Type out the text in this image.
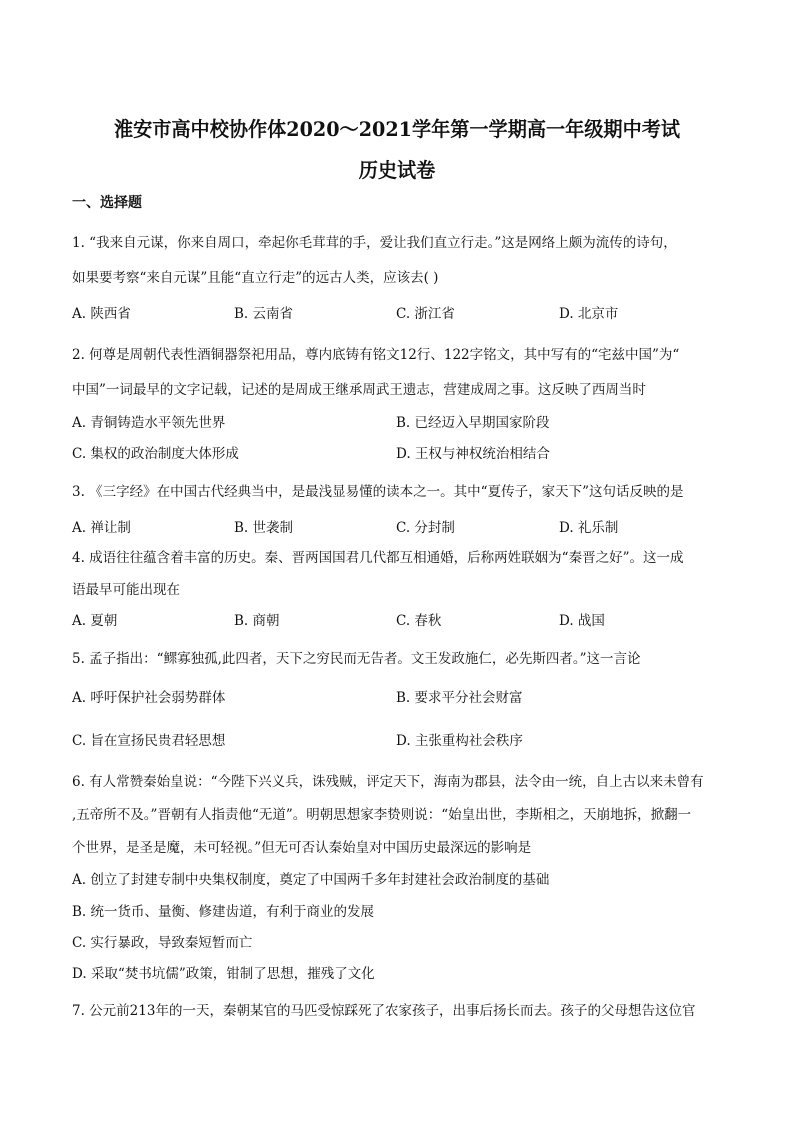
淮安市高中校协作体2020～2021学年第一学期高一年级期中考试
历史试卷
一、选择题
1. “我来自元谋，你来自周口，牵起你毛茸茸的手，爱让我们直立行走。”这是网络上颇为流传的诗句，
如果要考察“来自元谋”且能“直立行走”的远古人类，应该去( )
A. 陕西省	B. 云南省	C. 浙江省	D. 北京市
2. 何尊是周朝代表性酒铜器祭祀用品，尊内底铸有铭文12行、122字铭文，其中写有的“宅兹中国”为“
中国”一词最早的文字记载，记述的是周成王继承周武王遗志，营建成周之事。这反映了西周当时
A. 青铜铸造水平领先世界	B. 已经迈入早期国家阶段
C. 集权的政治制度大体形成	D. 王权与神权统治相结合
3. 《三字经》在中国古代经典当中，是最浅显易懂的读本之一。其中“夏传子，家天下”这句话反映的是
A. 禅让制	B. 世袭制	C. 分封制	D. 礼乐制
4. 成语往往蕴含着丰富的历史。秦、晋两国国君几代都互相通婚，后称两姓联姻为“秦晋之好”。这一成
语最早可能出现在
A. 夏朝	B. 商朝	C. 春秋	D. 战国
5. 孟子指出：“鳏寡独孤,此四者，天下之穷民而无告者。文王发政施仁，必先斯四者。”这一言论
A. 呼吁保护社会弱势群体	B. 要求平分社会财富
C. 旨在宣扬民贵君轻思想	D. 主张重构社会秩序
6. 有人常赞秦始皇说：“今陛下兴义兵，诛残贼，评定天下，海南为郡县，法令由一统，自上古以来未曾有
,五帝所不及。”晋朝有人指责他“无道”。明朝思想家李贽则说：“始皇出世，李斯相之，天崩地拆，掀翻一
个世界，是圣是魔，未可轻视。”但无可否认秦始皇对中国历史最深远的影响是
A. 创立了封建专制中央集权制度，奠定了中国两千多年封建社会政治制度的基础
B. 统一货币、量衡、修建齿道，有利于商业的发展
C. 实行暴政，导致秦短暂而亡
D. 采取“焚书坑儒”政策，钳制了思想，摧残了文化
7. 公元前213年的一天，秦朝某官的马匹受惊踩死了农家孩子，出事后扬长而去。孩子的父母想告这位官
